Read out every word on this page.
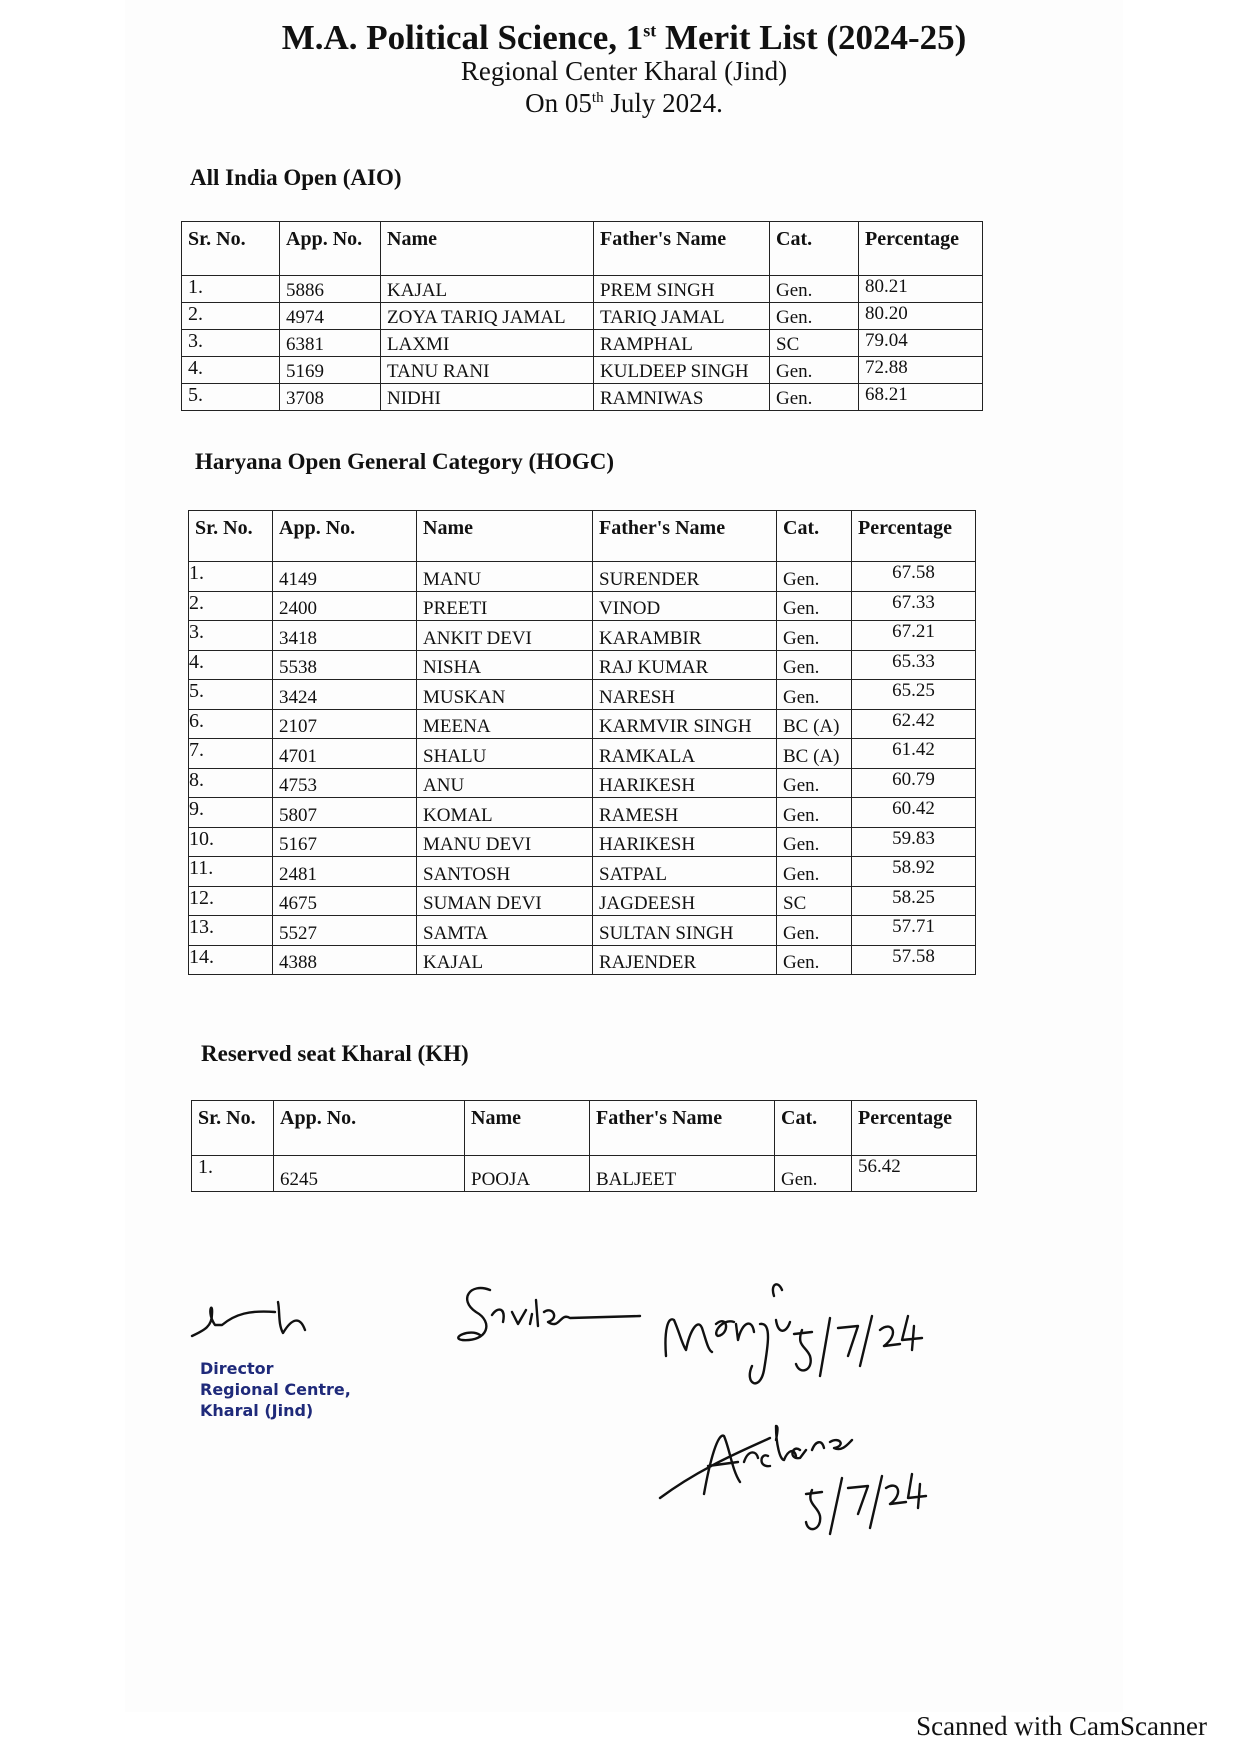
M.A. Political Science, 1st Merit List (2024-25)
Regional Center Kharal (Jind)
On 05th July 2024.
All India Open (AIO)
Sr. No.	App. No.	Name	Father's Name	Cat.	Percentage
1.	5886	KAJAL	PREM SINGH	Gen.	80.21
2.	4974	ZOYA TARIQ JAMAL	TARIQ JAMAL	Gen.	80.20
3.	6381	LAXMI	RAMPHAL	SC	79.04
4.	5169	TANU RANI	KULDEEP SINGH	Gen.	72.88
5.	3708	NIDHI	RAMNIWAS	Gen.	68.21
Haryana Open General Category (HOGC)
Sr. No.	App. No.	Name	Father's Name	Cat.	Percentage
1.	4149	MANU	SURENDER	Gen.	67.58
2.	2400	PREETI	VINOD	Gen.	67.33
3.	3418	ANKIT DEVI	KARAMBIR	Gen.	67.21
4.	5538	NISHA	RAJ KUMAR	Gen.	65.33
5.	3424	MUSKAN	NARESH	Gen.	65.25
6.	2107	MEENA	KARMVIR SINGH	BC (A)	62.42
7.	4701	SHALU	RAMKALA	BC (A)	61.42
8.	4753	ANU	HARIKESH	Gen.	60.79
9.	5807	KOMAL	RAMESH	Gen.	60.42
10.	5167	MANU DEVI	HARIKESH	Gen.	59.83
11.	2481	SANTOSH	SATPAL	Gen.	58.92
12.	4675	SUMAN DEVI	JAGDEESH	SC	58.25
13.	5527	SAMTA	SULTAN SINGH	Gen.	57.71
14.	4388	KAJAL	RAJENDER	Gen.	57.58
Reserved seat Kharal (KH)
Sr. No.	App. No.	Name	Father's Name	Cat.	Percentage
1.	6245	POOJA	BALJEET	Gen.	56.42
Director
Regional Centre,
Kharal (Jind)
Scanned with CamScanner
